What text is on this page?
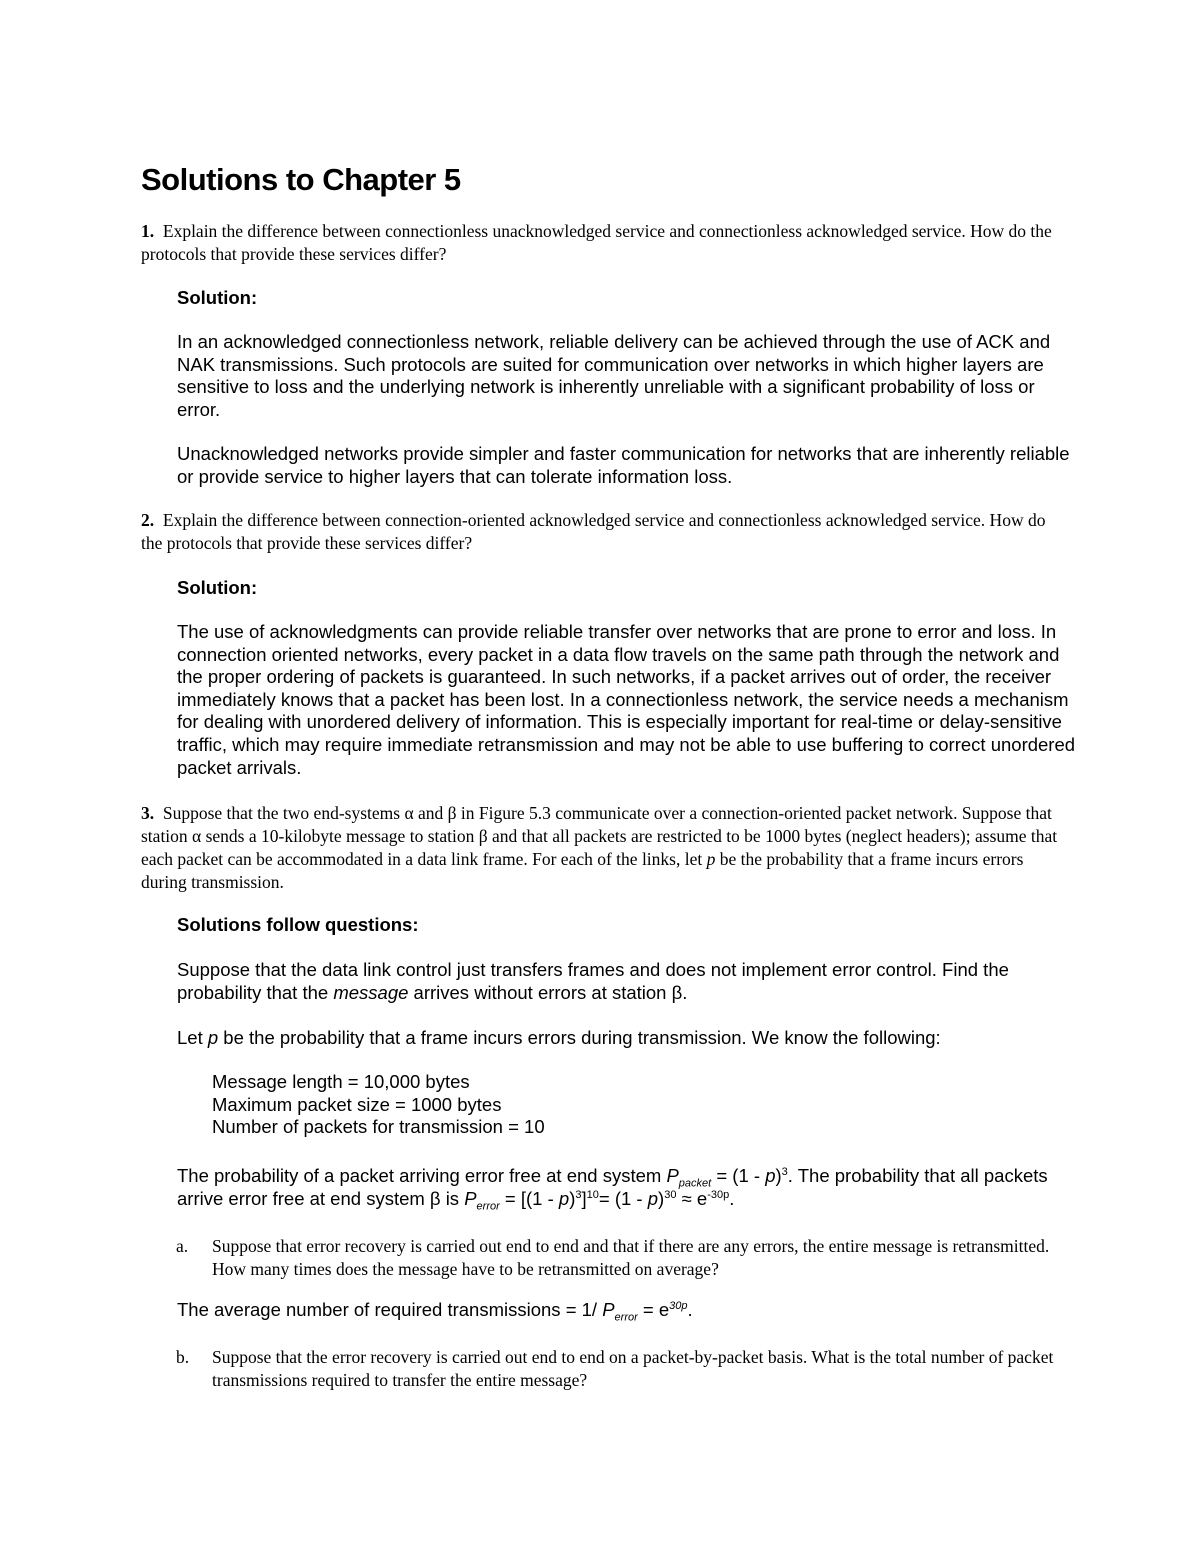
Solutions to Chapter 5

1. Explain the difference between connectionless unacknowledged service and connectionless acknowledged service. How do the protocols that provide these services differ?

Solution:

In an acknowledged connectionless network, reliable delivery can be achieved through the use of ACK and NAK transmissions. Such protocols are suited for communication over networks in which higher layers are sensitive to loss and the underlying network is inherently unreliable with a significant probability of loss or error.

Unacknowledged networks provide simpler and faster communication for networks that are inherently reliable or provide service to higher layers that can tolerate information loss.

2. Explain the difference between connection-oriented acknowledged service and connectionless acknowledged service. How do the protocols that provide these services differ?

Solution:

The use of acknowledgments can provide reliable transfer over networks that are prone to error and loss. In connection oriented networks, every packet in a data flow travels on the same path through the network and the proper ordering of packets is guaranteed. In such networks, if a packet arrives out of order, the receiver immediately knows that a packet has been lost. In a connectionless network, the service needs a mechanism for dealing with unordered delivery of information. This is especially important for real-time or delay-sensitive traffic, which may require immediate retransmission and may not be able to use buffering to correct unordered packet arrivals.

3. Suppose that the two end-systems α and β in Figure 5.3 communicate over a connection-oriented packet network. Suppose that station α sends a 10-kilobyte message to station β and that all packets are restricted to be 1000 bytes (neglect headers); assume that each packet can be accommodated in a data link frame. For each of the links, let p be the probability that a frame incurs errors during transmission.

Solutions follow questions:

Suppose that the data link control just transfers frames and does not implement error control. Find the probability that the message arrives without errors at station β.

Let p be the probability that a frame incurs errors during transmission. We know the following:

Message length = 10,000 bytes

Maximum packet size = 1000 bytes

Number of packets for transmission = 10

The probability of a packet arriving error free at end system $P_{packet} = (1 - p)^3$. The probability that all packets arrive error free at end system β is $P_{error} = [(1 - p)^3]^{10}= (1 - p)^{30} \approx e^{-30p}$.

a. Suppose that error recovery is carried out end to end and that if there are any errors, the entire message is retransmitted. How many times does the message have to be retransmitted on average?

The average number of required transmissions = 1/ $P_{error} = e^{30p}$.

b. Suppose that the error recovery is carried out end to end on a packet-by-packet basis. What is the total number of packet transmissions required to transfer the entire message?
